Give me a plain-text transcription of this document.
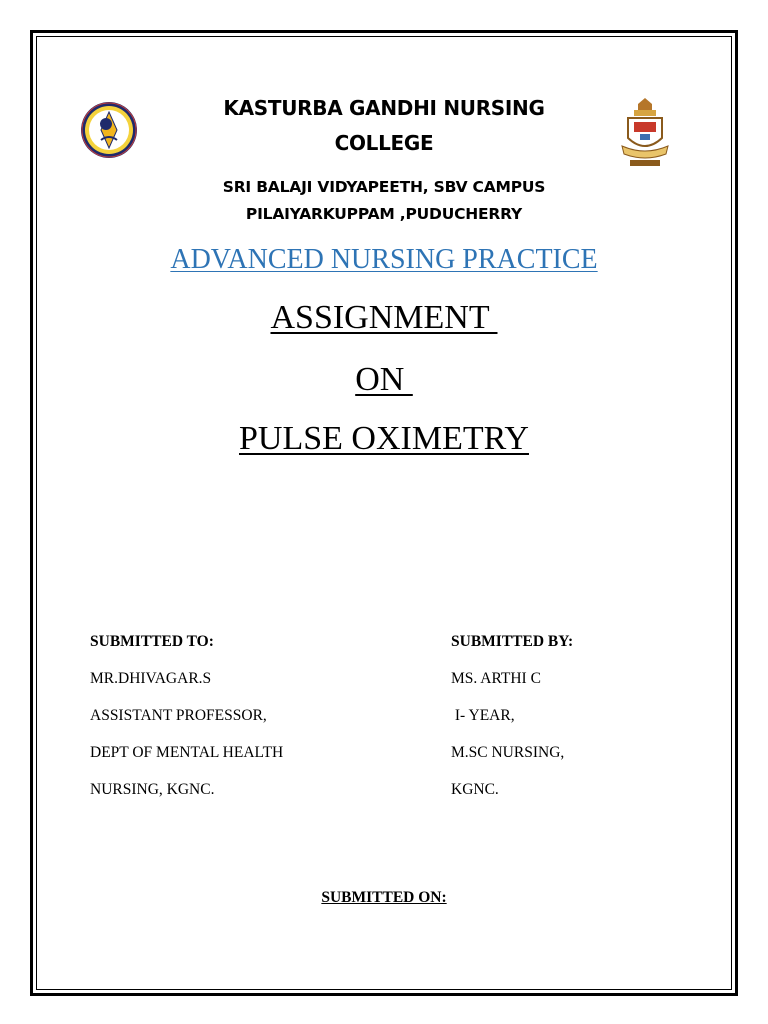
KASTURBA GANDHI NURSING
COLLEGE
SRI BALAJI VIDYAPEETH, SBV CAMPUS
PILAIYARKUPPAM ,PUDUCHERRY
ADVANCED NURSING PRACTICE
ASSIGNMENT
ON
PULSE OXIMETRY
SUBMITTED TO:
MR.DHIVAGAR.S
ASSISTANT PROFESSOR,
DEPT OF MENTAL HEALTH
NURSING, KGNC.
SUBMITTED BY:
MS. ARTHI C
I- YEAR,
M.SC NURSING,
KGNC.
SUBMITTED ON:
